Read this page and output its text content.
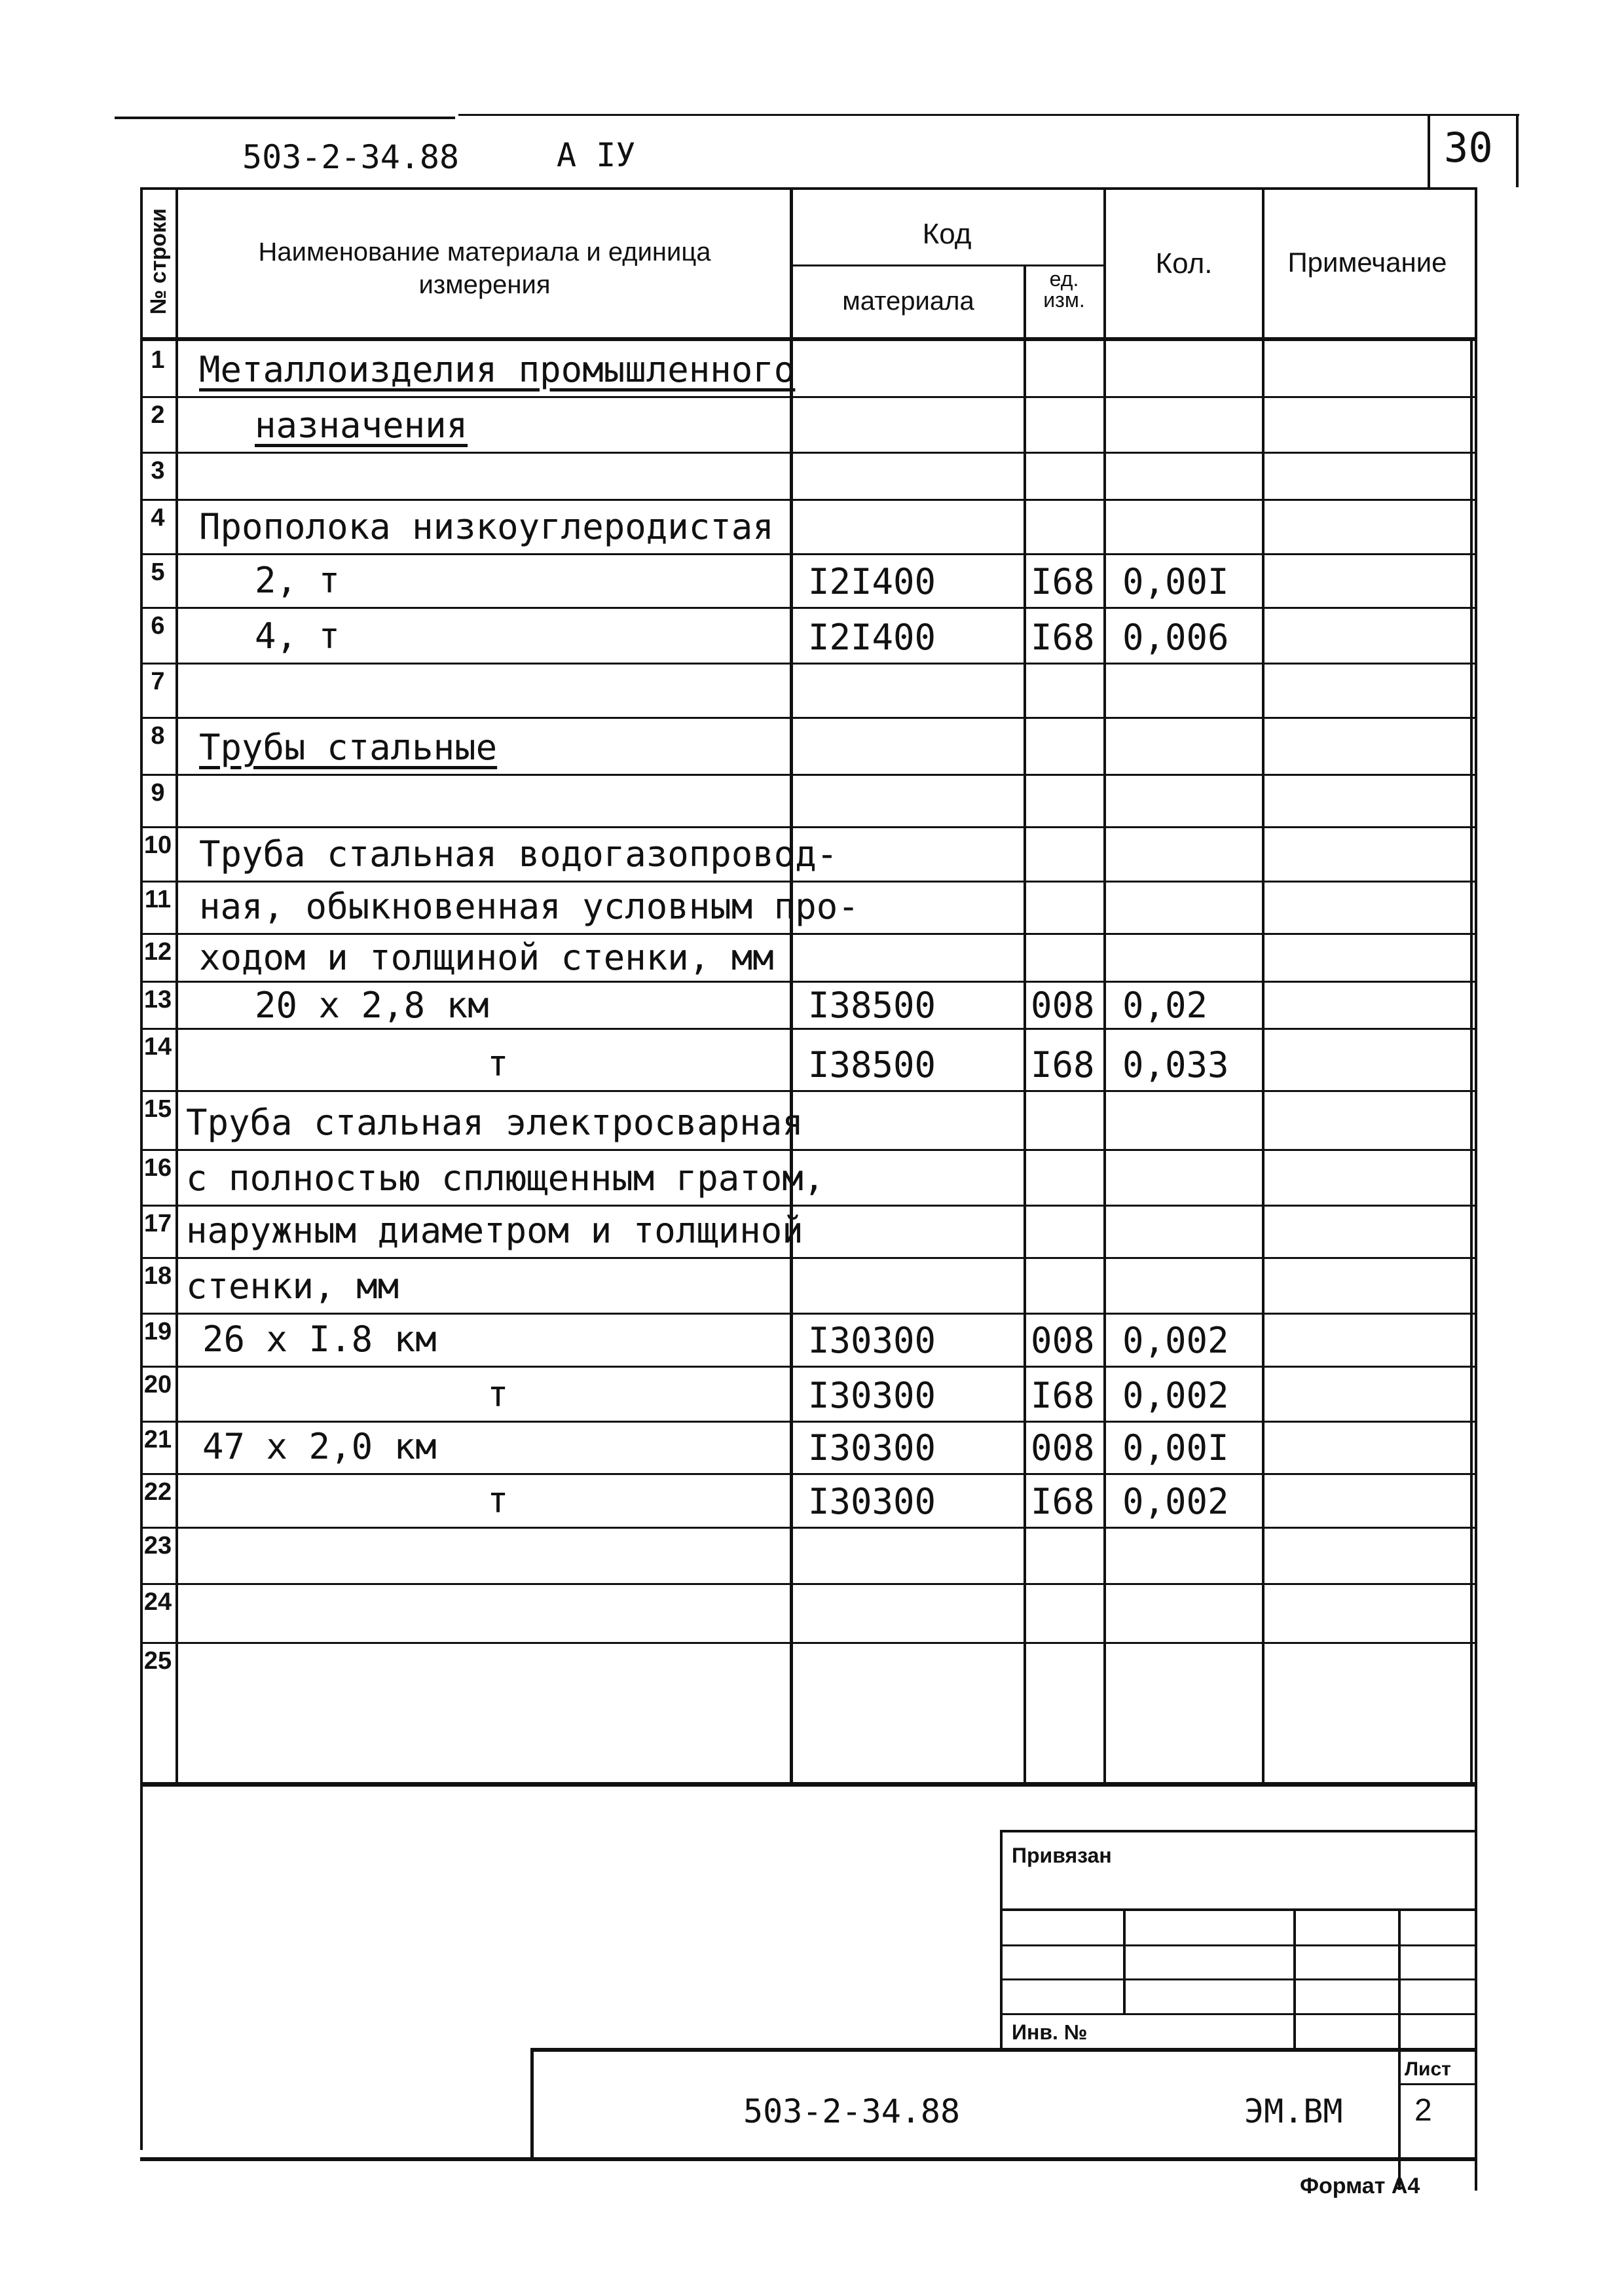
503-2-34.88	А IУ	30
№ строки	Наименование материала и единица измерения
Код
материала
ед. изм.
Кол.	Примечание
1 Металлоизделия промышленного
2	назначения
3
4 Прополока низкоуглеродистая
5	2, т	I2I400	I68 0,00I
6	4, т	I2I400	I68 0,006
7
8 Трубы стальные
9
10 Труба стальная водогазопровод-
11 ная, обыкновенная условным про-
12 ходом и толщиной стенки, мм
13 20 x 2,8 км	I38500	008 0,02
14	т	I38500	I68 0,033
15 Труба стальная электросварная
16 с полностью сплющенным гратом,
17 наружным диаметром и толщиной
18 стенки, мм
19 26 x I.8 км	I30300	008 0,002
20	т	I30300	I68 0,002
21 47 x 2,0 км	I30300	008 0,00I
22	т	I30300	I68 0,002
23
24
25
Привязан
Инв. №
Лист
503-2-34.88	ЭМ.ВМ 2
Формат А4
